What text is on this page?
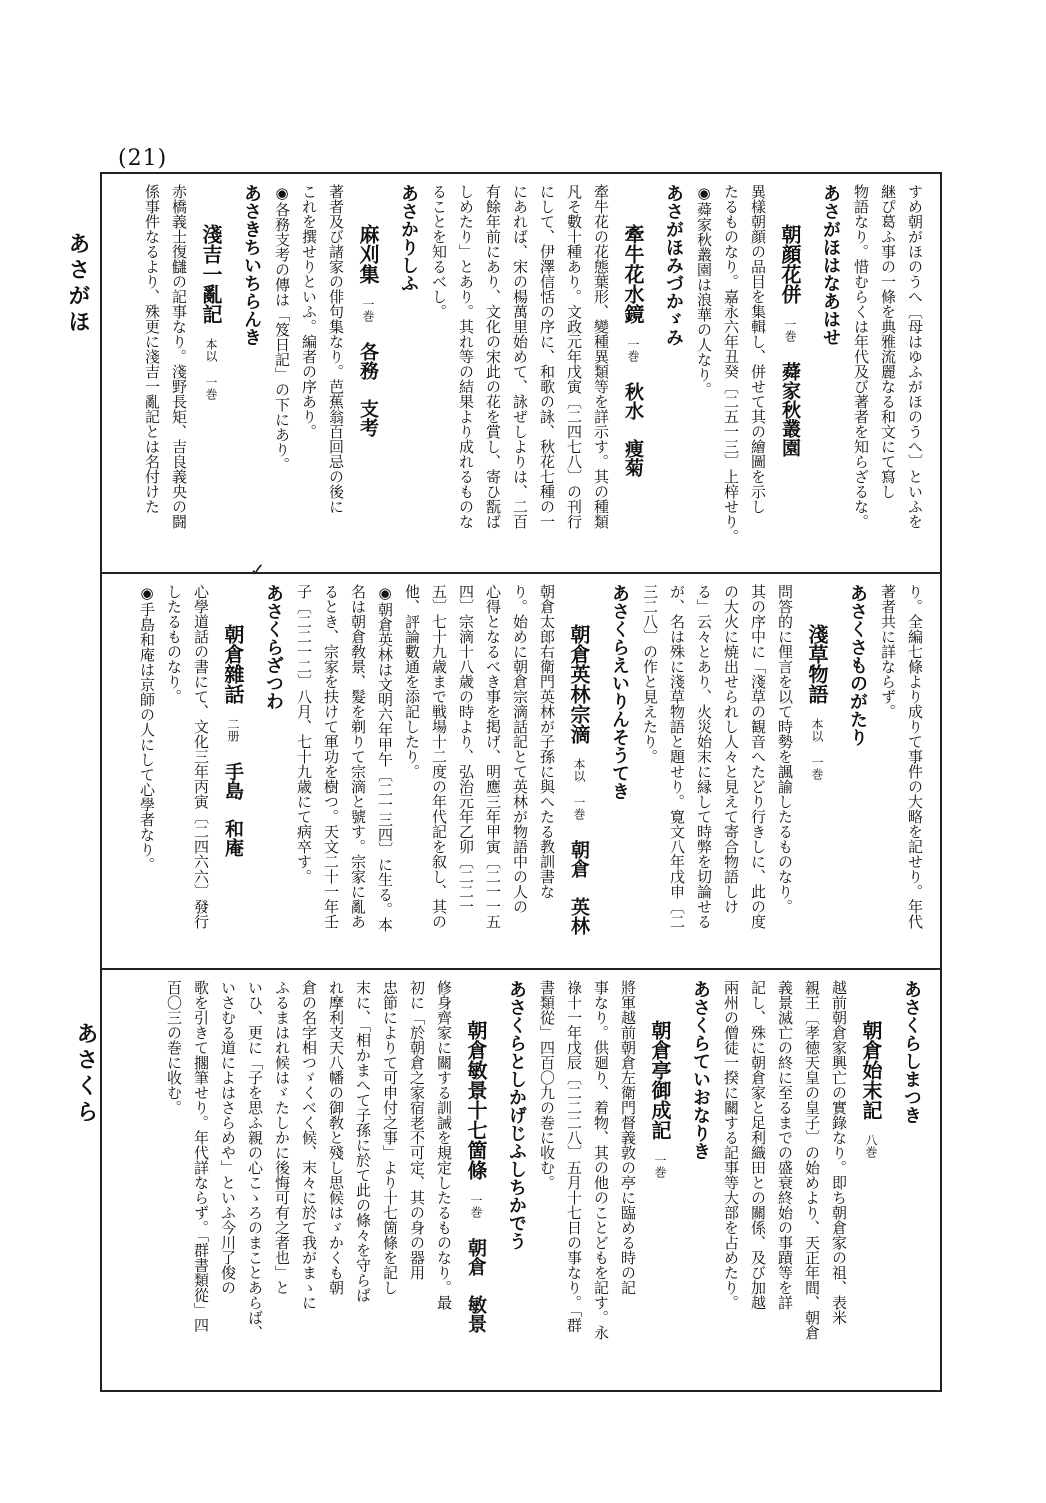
(21)
あさがほ
あさくら
✓
すめ朝がほのうへ〔母はゆふがほのうへ〕といふを
継ぴ葛ふ事の一條を典雅流麗なる和文にて寫し
物語なり。惜むらくは年代及び著者を知らざるな。
あさがほはなあはせ
朝顔花併一巻蕣家秋叢園
異樣朝顔の品目を集輯し、併せて其の繪圖を示し
たるものなり。嘉永六年丑癸〔二五一三〕上梓せり。
◉蕣家秋叢園は浪華の人なり。
あさがほみづかゞみ
牽牛花水鏡一巻秋水　痩菊
牽牛花の花態葉形、變種異類等を詳示す。其の種類
凡そ數十種あり。文政元年戊寅〔二四七八〕の刊行
にして、伊澤信恬の序に、和歌の詠、秋花七種の一
にあれば、宋の楊萬里始めて、詠ぜしよりは、二百
有餘年前にあり、文化の宋此の花を賞し、寄ひ翫ば
しめたり」とあり。其れ等の結果より成れるものな
ることを知るべし。
あさかりしふ
麻刈集一巻各務　支考
著者及び諸家の俳句集なり。芭蕉翁百回忌の後に
これを撰せりといふ。編者の序あり。
◉各務支考の傳は「笈日記」の下にあり。
あさきちいちらんき
淺吉一亂記本以 一巻
赤橋義士復讎の記事なり。淺野長矩、吉良義央の闘
係事件なるより、殊更に淺吉一亂記とは名付けた
り。全編七條より成りて事件の大略を記せり。年代
著者共に詳ならず。
あさくさものがたり
淺草物語本以 一巻
問答的に俚言を以て時勢を諷諭したるものなり。
其の序中に「淺草の観音へたどり行きしに、此の度
の大火に焼出せられし人々と見えて寄合物語しけ
る」云々とあり、火災始末に縁して時弊を切論せる
が、名は殊に淺草物語と題せり。寛文八年戊申〔二
三二八〕の作と見えたり。
あさくらえいりんそうてき
朝倉英林宗滴本以 一巻朝倉　英林
朝倉太郎右衛門英林が子孫に與へたる教訓書な
り。始めに朝倉宗滴話記とて英林が物語中の人の
心得となるべき事を掲げ、明應三年甲寅〔二一一五
四〕宗滴十八歳の時より、弘治元年乙卯〔二二一
五〕七十九歳まで戦場十二度の年代記を叙し、其の
他、評論數通を添記したり。
◉朝倉英林は文明六年甲午〔二一三四〕に生る。本
名は朝倉敎景、髮を剃りて宗滴と號す。宗家に亂あ
るとき、宗家を扶けて軍功を樹つ。天文二十一年壬
子〔二二一二〕八月、七十九歳にて病卒す。
あさくらざつわ
朝倉雜話二册手島　和庵
心學道話の書にて、文化三年丙寅〔二四六六〕發行
したるものなり。
◉手島和庵は京師の人にして心學者なり。
あさくらしまつき
朝倉始末記八巻
越前朝倉家興亡の實錄なり。即ち朝倉家の祖、表米
親王〔孝徳天皇の皇子〕の始めより、天正年間、朝倉
義景滅亡の終に至るまでの盛衰終始の事蹟等を詳
記し、殊に朝倉家と足利織田との關係、及び加越
兩州の僧徒一揆に關する記事等大部を占めたり。
あさくらていおなりき
朝倉亭御成記一巻
將軍越前朝倉左衛門督義敦の亭に臨める時の記
事なり。供廻り、着物、其の他のことどもを記す。永
祿十一年戊辰〔二二二八〕五月十七日の事なり。「群
書類從」四百〇九の巻に收む。
あさくらとしかげじふしちかでう
朝倉敏景十七箇條一巻朝倉　敏景
修身齊家に關する訓誡を規定したるものなり。最
初に「於朝倉之家宿老不可定、其の身の器用
忠節によりて可申付之事」より十七箇條を記し
末に、「相かまへて子孫に於て此の條々を守らば
れ摩利支天八幡の御敎と殘し思候はゞかくも朝
倉の名字相つゞくべく候、末々に於て我がまゝに
ふるまはれ候はゞたしかに後悔可有之者也」と
いひ、更に「子を思ふ親の心こゝろのまことあらば、
いさむる道によはさらめや」といふ今川了俊の
歌を引きて擱筆せり。年代詳ならず。「群書類從」四
百〇三の巻に收む。
